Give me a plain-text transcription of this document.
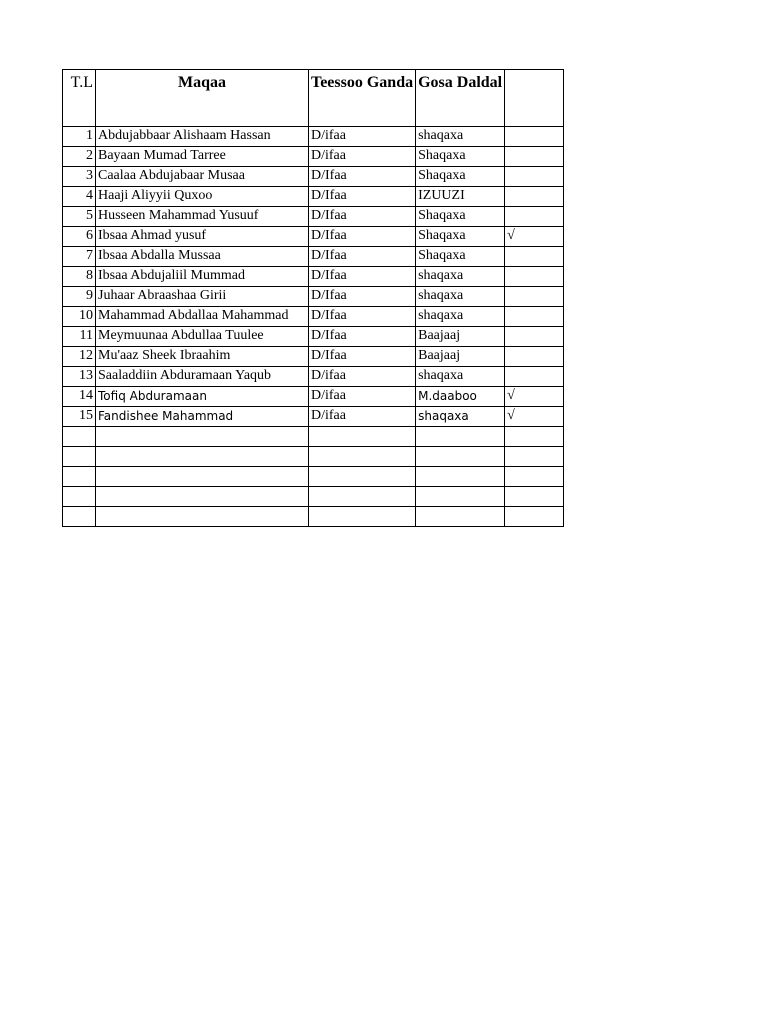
T.L	Maqaa	Teessoo Ganda	Gosa Daldal	
1	Abdujabbaar Alishaam Hassan	D/ifaa	shaqaxa	
2	Bayaan Mumad Tarree	D/ifaa	Shaqaxa	
3	Caalaa Abdujabaar Musaa	D/Ifaa	Shaqaxa	
4	Haaji Aliyyii Quxoo	D/Ifaa	IZUUZI	
5	Husseen Mahammad Yusuuf	D/Ifaa	Shaqaxa	
6	Ibsaa Ahmad yusuf	D/Ifaa	Shaqaxa	√
7	Ibsaa Abdalla Mussaa	D/Ifaa	Shaqaxa	
8	Ibsaa Abdujaliil Mummad	D/Ifaa	shaqaxa	
9	Juhaar Abraashaa Girii	D/Ifaa	shaqaxa	
10	Mahammad Abdallaa Mahammad	D/Ifaa	shaqaxa	
11	Meymuunaa Abdullaa Tuulee	D/Ifaa	Baajaaj	
12	Mu'aaz Sheek Ibraahim	D/Ifaa	Baajaaj	
13	Saaladdiin Abduramaan Yaqub	D/ifaa	shaqaxa	
14	Tofiq Abduramaan	D/ifaa	M.daaboo	√
15	Fandishee Mahammad	D/ifaa	shaqaxa	√
